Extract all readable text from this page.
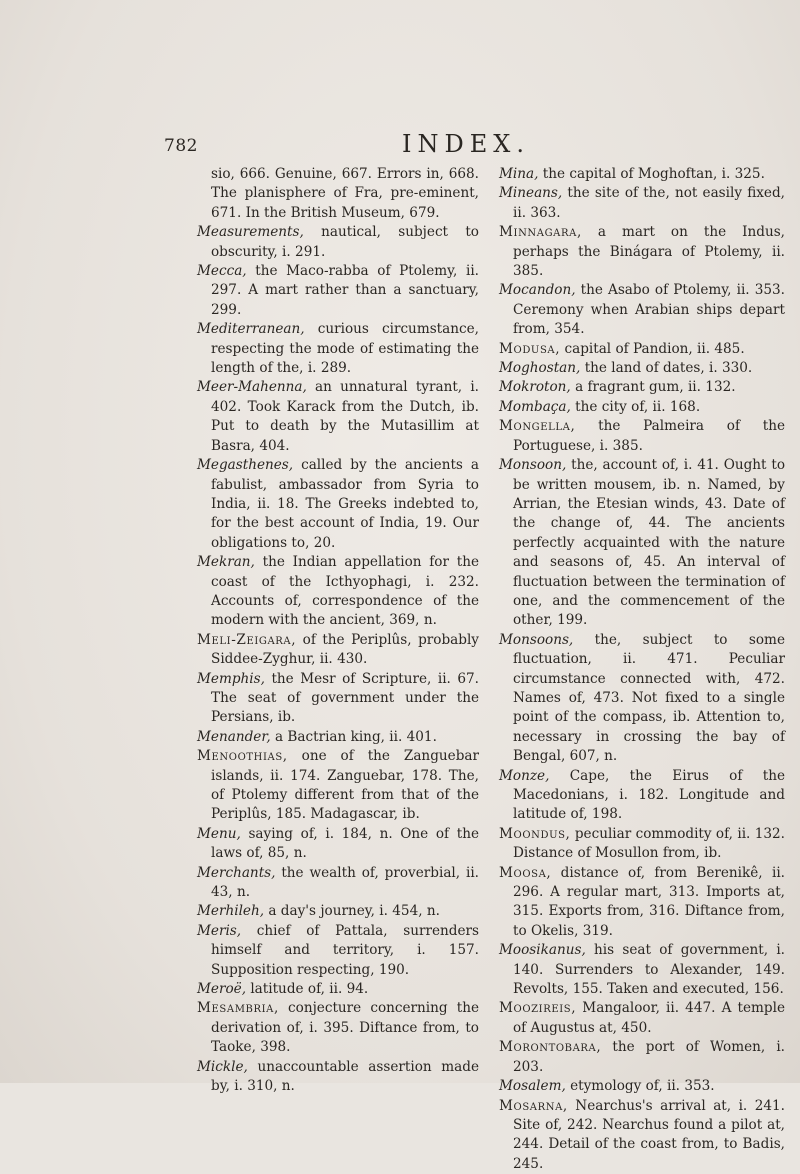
782	INDEX.

sio, 666. Genuine, 667. Errors in, 668. The planisphere of Fra, pre-eminent, 671. In the British Museum, 679.

Measurements, nautical, subject to obscurity, i. 291.

Mecca, the Maco-rabba of Ptolemy, ii. 297. A mart rather than a sanctuary, 299.

Mediterranean, curious circumstance, respecting the mode of estimating the length of the, i. 289.

Meer-Mahenna, an unnatural tyrant, i. 402. Took Karack from the Dutch, ib. Put to death by the Mutasillim at Basra, 404.

Megasthenes, called by the ancients a fabulist, ambassador from Syria to India, ii. 18. The Greeks indebted to, for the best account of India, 19. Our obligations to, 20.

Mekran, the Indian appellation for the coast of the Icthyophagi, i. 232. Accounts of, correspondence of the modern with the ancient, 369, n.

Meli-Zeigara, of the Periplûs, probably Siddee-Zyghur, ii. 430.

Memphis, the Mesr of Scripture, ii. 67. The seat of government under the Persians, ib.

Menander, a Bactrian king, ii. 401.

Menoothias, one of the Zanguebar islands, ii. 174. Zanguebar, 178. The, of Ptolemy different from that of the Periplûs, 185. Madagascar, ib.

Menu, saying of, i. 184, n. One of the laws of, 85, n.

Merchants, the wealth of, proverbial, ii. 43, n.

Merhileh, a day's journey, i. 454, n.

Meris, chief of Pattala, surrenders himself and territory, i. 157. Supposition respecting, 190.

Meroë, latitude of, ii. 94.

Mesambria, conjecture concerning the derivation of, i. 395. Diftance from, to Taoke, 398.

Mickle, unaccountable assertion made by, i. 310, n.

Mina, the capital of Moghoftan, i. 325.

Mineans, the site of the, not easily fixed, ii. 363.

Minnagara, a mart on the Indus, perhaps the Binágara of Ptolemy, ii. 385.

Mocandon, the Asabo of Ptolemy, ii. 353. Ceremony when Arabian ships depart from, 354.

Modusa, capital of Pandion, ii. 485.

Moghostan, the land of dates, i. 330.

Mokroton, a fragrant gum, ii. 132.

Mombaça, the city of, ii. 168.

Mongella, the Palmeira of the Portuguese, i. 385.

Monsoon, the, account of, i. 41. Ought to be written mousem, ib. n. Named, by Arrian, the Etesian winds, 43. Date of the change of, 44. The ancients perfectly acquainted with the nature and seasons of, 45. An interval of fluctuation between the termination of one, and the commencement of the other, 199.

Monsoons, the, subject to some fluctuation, ii. 471. Peculiar circumstance connected with, 472. Names of, 473. Not fixed to a single point of the compass, ib. Attention to, necessary in crossing the bay of Bengal, 607, n.

Monze, Cape, the Eirus of the Macedonians, i. 182. Longitude and latitude of, 198.

Moondus, peculiar commodity of, ii. 132. Distance of Mosullon from, ib.

Moosa, distance of, from Berenikê, ii. 296. A regular mart, 313. Imports at, 315. Exports from, 316. Diftance from, to Okelis, 319.

Moosikanus, his seat of government, i. 140. Surrenders to Alexander, 149. Revolts, 155. Taken and executed, 156.

Moozireis, Mangaloor, ii. 447. A temple of Augustus at, 450.

Morontobara, the port of Women, i. 203.

Mosalem, etymology of, ii. 353.

Mosarna, Nearchus's arrival at, i. 241. Site of, 242. Nearchus found a pilot at, 244. Detail of the coast from, to Badis, 245.
